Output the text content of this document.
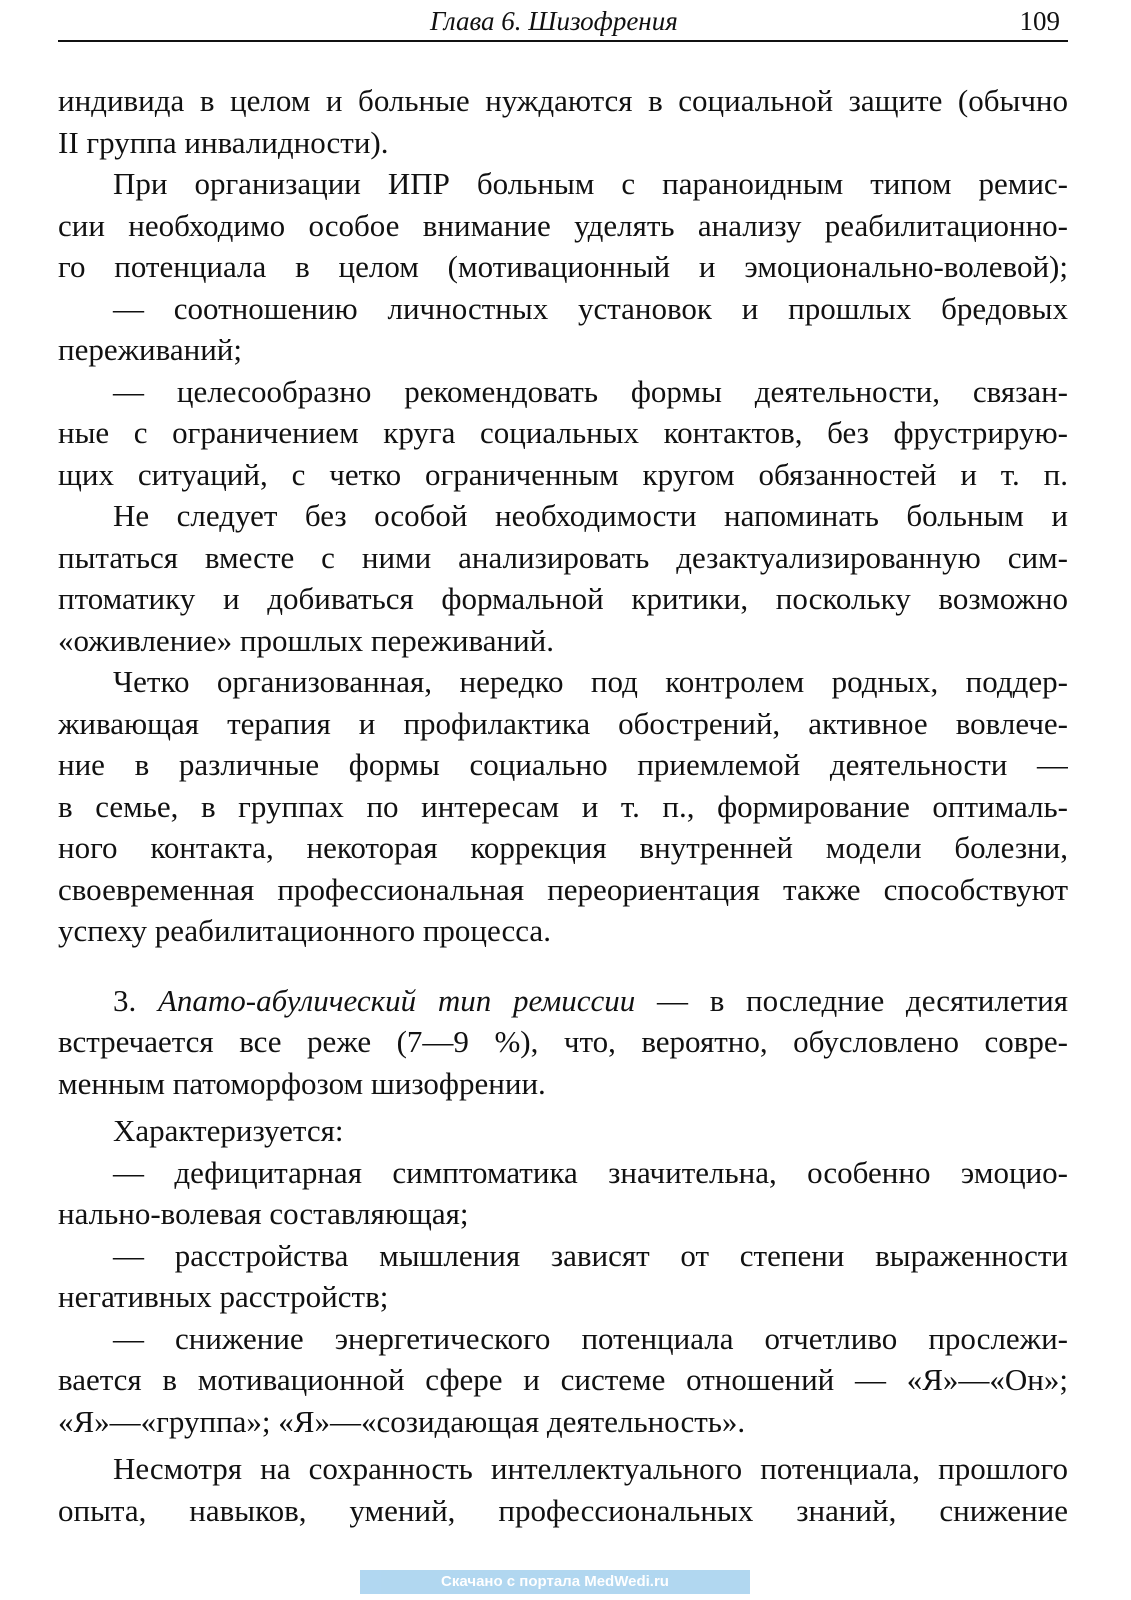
Глава 6. Шизофрения	109
индивида в целом и больные нуждаются в социальной защите (обычно
II группа инвалидности).
При организации ИПР больным с параноидным типом ремис-
сии необходимо особое внимание уделять анализу реабилитационно-
го потенциала в целом (мотивационный и эмоционально-волевой);
— соотношению личностных установок и прошлых бредовых
переживаний;
— целесообразно рекомендовать формы деятельности, связан-
ные с ограничением круга социальных контактов, без фрустрирую-
щих ситуаций, с четко ограниченным кругом обязанностей и т. п.
Не следует без особой необходимости напоминать больным и
пытаться вместе с ними анализировать дезактуализированную сим-
птоматику и добиваться формальной критики, поскольку возможно
«оживление» прошлых переживаний.
Четко организованная, нередко под контролем родных, поддер-
живающая терапия и профилактика обострений, активное вовлече-
ние в различные формы социально приемлемой деятельности —
в семье, в группах по интересам и т. п., формирование оптималь-
ного контакта, некоторая коррекция внутренней модели болезни,
своевременная профессиональная переориентация также способствуют
успеху реабилитационного процесса.
3. Апато-абулический тип ремиссии — в последние десятилетия
встречается все реже (7—9 %), что, вероятно, обусловлено совре-
менным патоморфозом шизофрении.
Характеризуется:
— дефицитарная симптоматика значительна, особенно эмоцио-
нально-волевая составляющая;
— расстройства мышления зависят от степени выраженности
негативных расстройств;
— снижение энергетического потенциала отчетливо прослежи-
вается в мотивационной сфере и системе отношений — «Я»—«Он»;
«Я»—«группа»; «Я»—«созидающая деятельность».
Несмотря на сохранность интеллектуального потенциала, прошлого
опыта, навыков, умений, профессиональных знаний, снижение
Скачано с портала MedWedi.ru
